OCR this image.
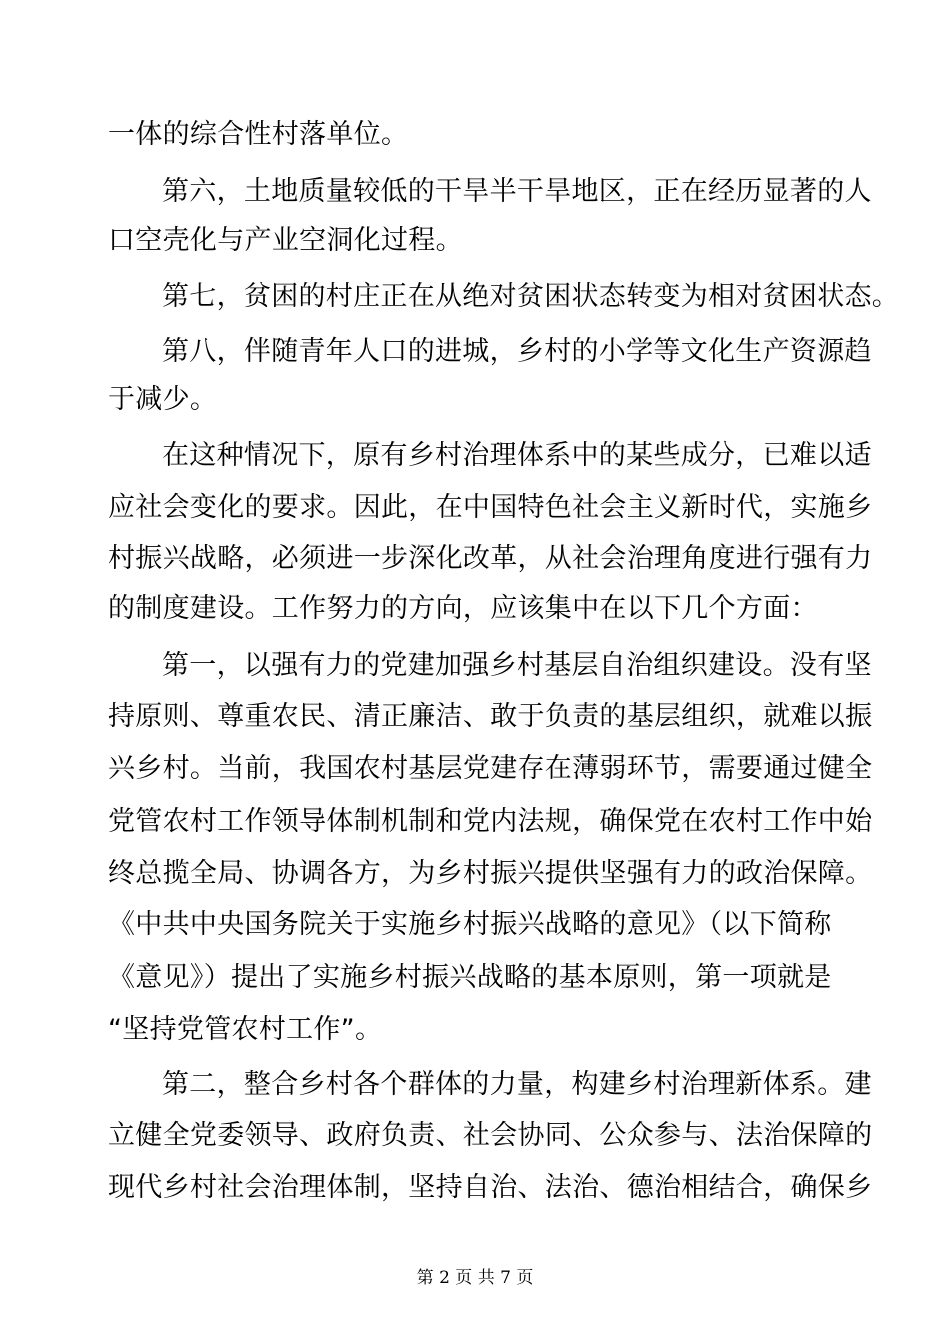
一体的综合性村落单位。
第六，土地质量较低的干旱半干旱地区，正在经历显著的人
口空壳化与产业空洞化过程。
第七，贫困的村庄正在从绝对贫困状态转变为相对贫困状态。
第八，伴随青年人口的进城，乡村的小学等文化生产资源趋
于减少。
在这种情况下，原有乡村治理体系中的某些成分，已难以适
应社会变化的要求。因此，在中国特色社会主义新时代，实施乡
村振兴战略，必须进一步深化改革，从社会治理角度进行强有力
的制度建设。工作努力的方向，应该集中在以下几个方面：
第一，以强有力的党建加强乡村基层自治组织建设。没有坚
持原则、尊重农民、清正廉洁、敢于负责的基层组织，就难以振
兴乡村。当前，我国农村基层党建存在薄弱环节，需要通过健全
党管农村工作领导体制机制和党内法规，确保党在农村工作中始
终总揽全局、协调各方，为乡村振兴提供坚强有力的政治保障。
《中共中央国务院关于实施乡村振兴战略的意见》（以下简称
《意见》）提出了实施乡村振兴战略的基本原则，第一项就是
“坚持党管农村工作”。
第二，整合乡村各个群体的力量，构建乡村治理新体系。建
立健全党委领导、政府负责、社会协同、公众参与、法治保障的
现代乡村社会治理体制，坚持自治、法治、德治相结合，确保乡
第 2 页 共 7 页
